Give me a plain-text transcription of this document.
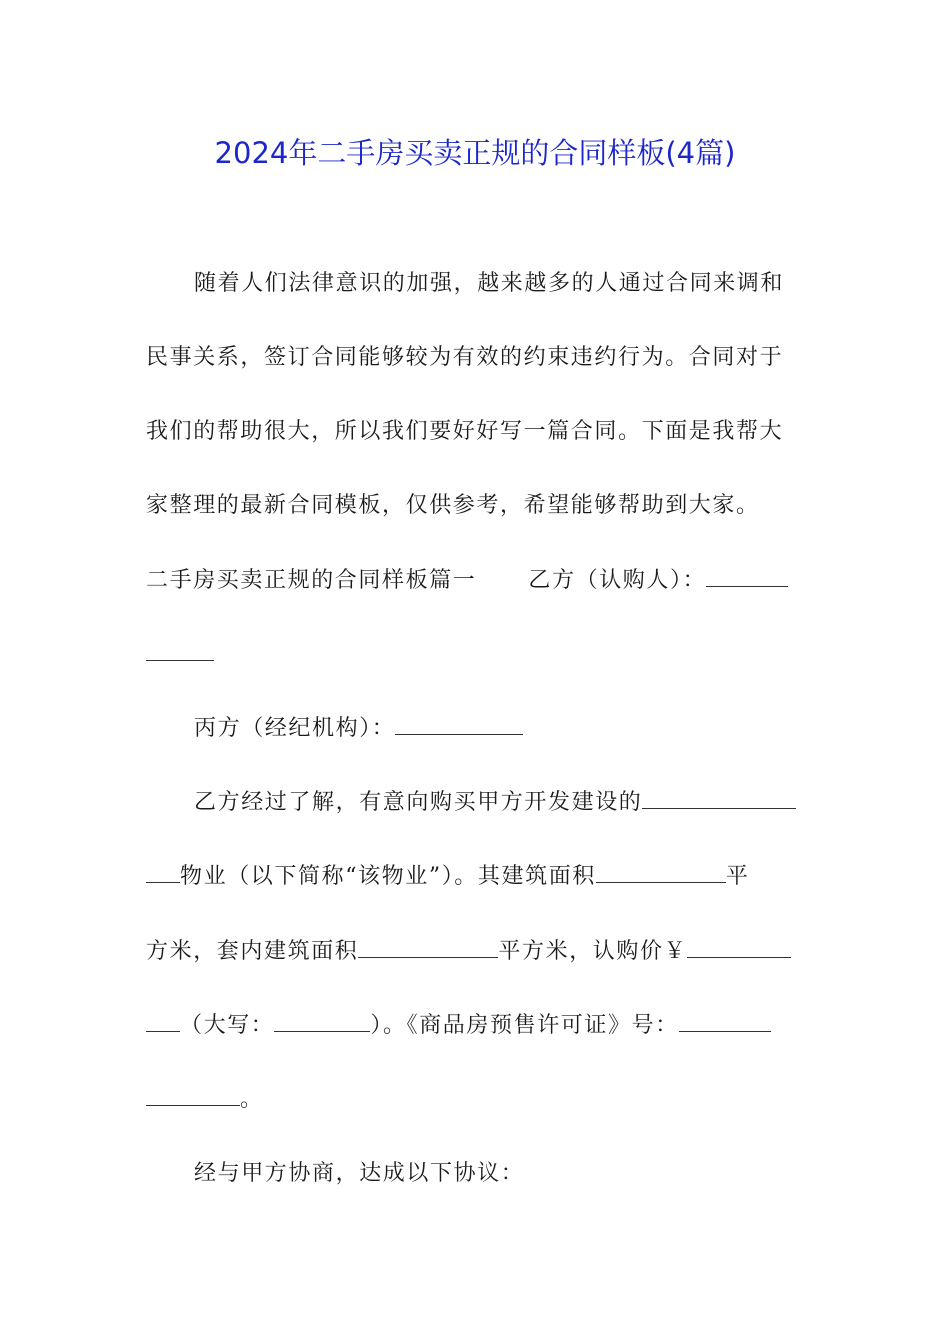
2024年二手房买卖正规的合同样板(4篇)
随着人们法律意识的加强，越来越多的人通过合同来调和
民事关系，签订合同能够较为有效的约束违约行为。合同对于
我们的帮助很大，所以我们要好好写一篇合同。下面是我帮大
家整理的最新合同模板，仅供参考，希望能够帮助到大家。
二手房买卖正规的合同样板篇一 乙方（认购人）：
丙方（经纪机构）：
乙方经过了解，有意向购买甲方开发建设的
物业（以下简称“该物业”）。其建筑面积	平
方米，套内建筑面积	平方米，认购价￥
（大写：	）。《商品房预售许可证》号：
。
经与甲方协商，达成以下协议：
